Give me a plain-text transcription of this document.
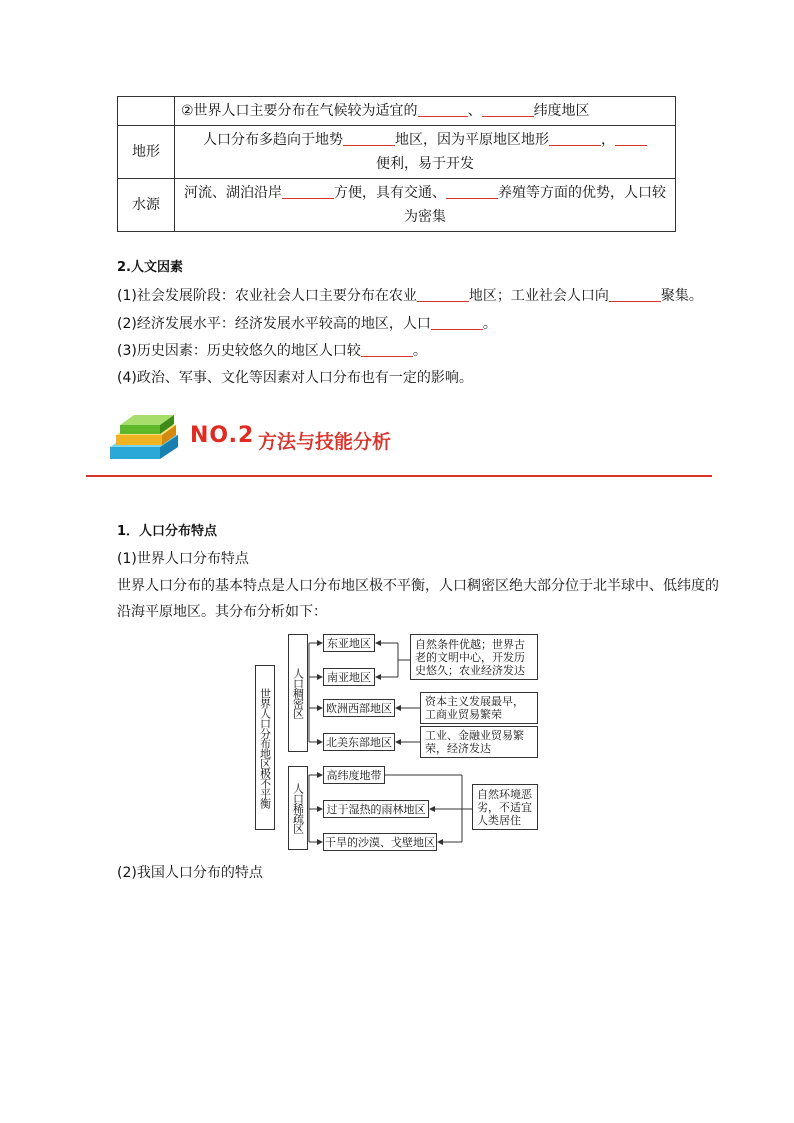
	②世界人口主要分布在气候较为适宜的 、 纬度地区
地形	人口分布多趋向于地势 地区，因为平原地区地形 ，
便利，易于开发
水源	河流、湖泊沿岸 方便，具有交通、 养殖等方面的优势，人口较
为密集
2.人文因素
(1)社会发展阶段：农业社会人口主要分布在农业	地区；工业社会人口向	聚集。
(2)经济发展水平：经济发展水平较高的地区，人口	。
(3)历史因素：历史较悠久的地区人口较	。
(4)政治、军事、文化等因素对人口分布也有一定的影响。
NO.2 方法与技能分析
1．人口分布特点
(1)世界人口分布特点
世界人口分布的基本特点是人口分布地区极不平衡，人口稠密区绝大部分位于北半球中、低纬度的沿海平原地区。其分布分析如下：
世界人口分布地区极不平衡	人口稠密区
人口稀疏区
东亚地区
南亚地区
欧洲西部地区
北美东部地区
高纬度地带
过于湿热的雨林地区
干旱的沙漠、戈壁地区
自然条件优越；世界古老的文明中心，开发历史悠久；农业经济发达
资本主义发展最早，工商业贸易繁荣
工业、金融业贸易繁荣，经济发达
自然环境恶劣，不适宜人类居住
(2)我国人口分布的特点
